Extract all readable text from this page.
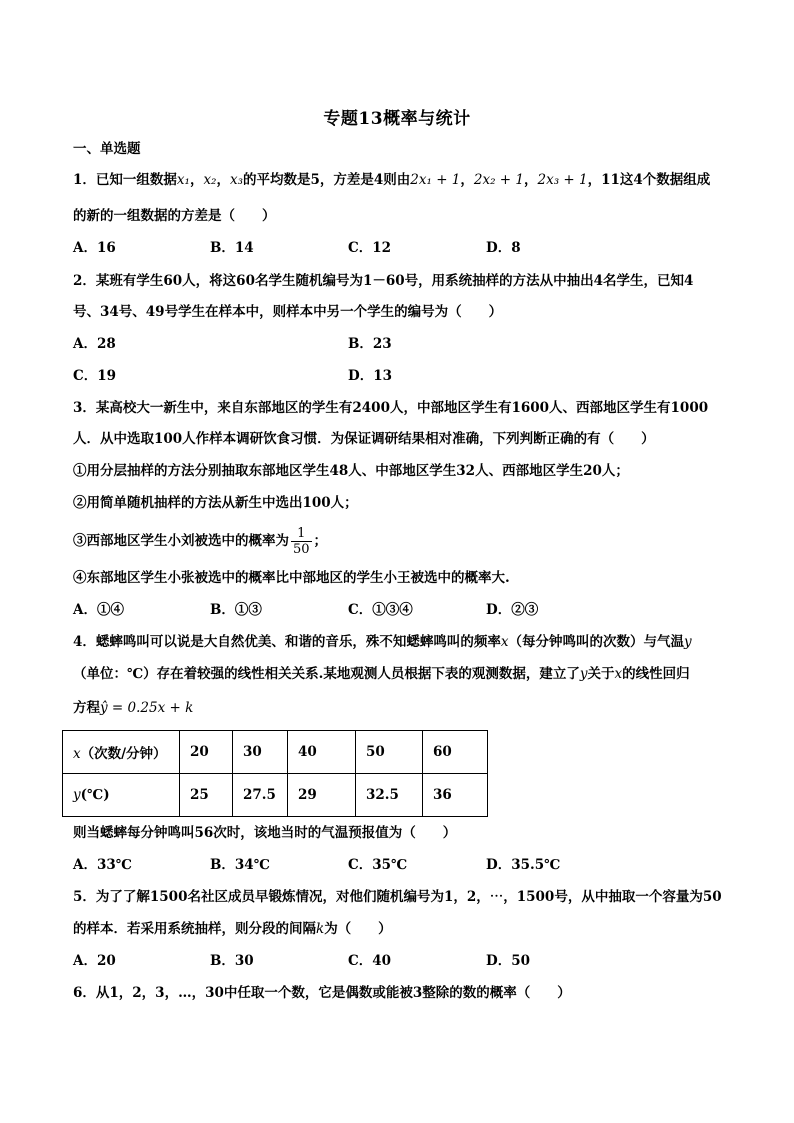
专题13概率与统计
一、单选题
1．已知一组数据x₁，x₂，x₃的平均数是5，方差是4则由2x₁ + 1，2x₂ + 1，2x₃ + 1，11这4个数据组成
的新的一组数据的方差是（　　）
A．16	B．14	C．12	D．8
2．某班有学生60人，将这60名学生随机编号为1－60号，用系统抽样的方法从中抽出4名学生，已知4
号、34号、49号学生在样本中，则样本中另一个学生的编号为（　　）
A．28	B．23
C．19	D．13
3．某高校大一新生中，来自东部地区的学生有2400人，中部地区学生有1600人、西部地区学生有1000
人．从中选取100人作样本调研饮食习惯．为保证调研结果相对准确，下列判断正确的有（　　）
①用分层抽样的方法分别抽取东部地区学生48人、中部地区学生32人、西部地区学生20人；
②用简单随机抽样的方法从新生中选出100人；
③西部地区学生小刘被选中的概率为 $\frac{1}{50}$ ；
④东部地区学生小张被选中的概率比中部地区的学生小王被选中的概率大.
A．①④	B．①③	C．①③④	D．②③
4．蟋蟀鸣叫可以说是大自然优美、和谐的音乐，殊不知蟋蟀鸣叫的频率x（每分钟鸣叫的次数）与气温y
（单位：℃）存在着较强的线性相关关系.某地观测人员根据下表的观测数据，建立了y关于x的线性回归
方程ŷ = 0.25x + k
x（次数/分钟）	20	30	40	50	60
y(℃)	25	27.5	29	32.5	36
则当蟋蟀每分钟鸣叫56次时，该地当时的气温预报值为（　　）
A．33℃	B．34℃	C．35℃	D．35.5℃
5．为了了解1500名社区成员早锻炼情况，对他们随机编号为1，2，⋯，1500号，从中抽取一个容量为50
的样本．若采用系统抽样，则分段的间隔k为（　　）
A．20	B．30	C．40	D．50
6．从1，2，3，…，30中任取一个数，它是偶数或能被3整除的数的概率（　　）
